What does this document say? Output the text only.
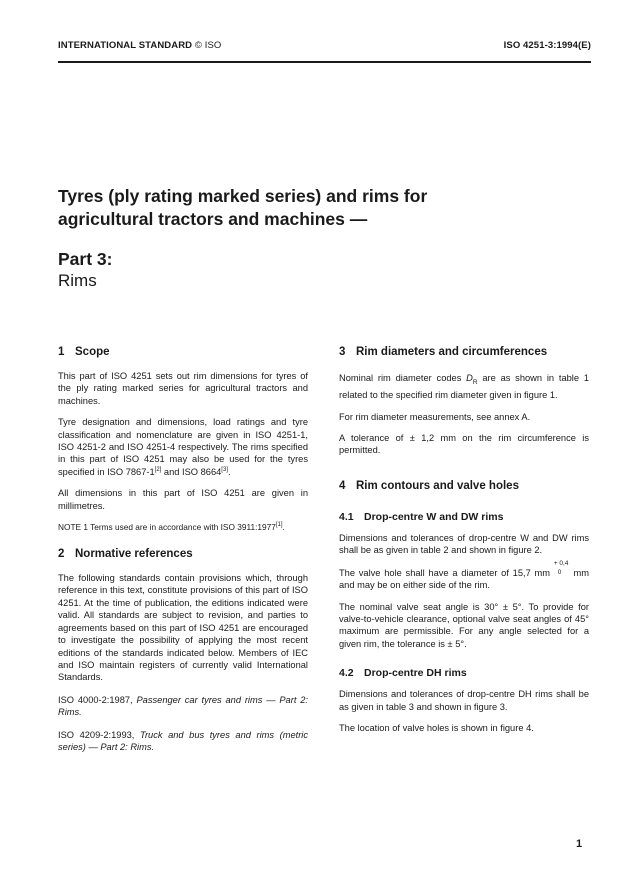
INTERNATIONAL STANDARD © ISO	ISO 4251-3:1994(E)
Tyres (ply rating marked series) and rims for
agricultural tractors and machines —
Part 3:
Rims
1 Scope

This part of ISO 4251 sets out rim dimensions for tyres of the ply rating marked series for agricultural tractors and machines.

Tyre designation and dimensions, load ratings and tyre classification and nomenclature are given in ISO 4251-1, ISO 4251-2 and ISO 4251-4 respectively. The rims specified in this part of ISO 4251 may also be used for the tyres specified in ISO 7867-1[2] and ISO 8664[3].

All dimensions in this part of ISO 4251 are given in millimetres.

NOTE 1 Terms used are in accordance with ISO 3911:1977[1].

2 Normative references

The following standards contain provisions which, through reference in this text, constitute provisions of this part of ISO 4251. At the time of publication, the editions indicated were valid. All standards are subject to revision, and parties to agreements based on this part of ISO 4251 are encouraged to investigate the possibility of applying the most recent editions of the standards indicated below. Members of IEC and ISO maintain registers of currently valid International Standards.

ISO 4000-2:1987, Passenger car tyres and rims — Part 2: Rims.

ISO 4209-2:1993, Truck and bus tyres and rims (metric series) — Part 2: Rims.

3 Rim diameters and circumferences

Nominal rim diameter codes $D_R$ are as shown in table 1 related to the specified rim diameter given in figure 1.

For rim diameter measurements, see annex A.

A tolerance of ± 1,2 mm on the rim circumference is permitted.

4 Rim contours and valve holes
4.1 Drop-centre W and DW rims

Dimensions and tolerances of drop-centre W and DW rims shall be as given in table 2 and shown in figure 2.

The valve hole shall have a diameter of 15,7 mm
+ 0,4
0 mm and may be on either side of the rim.

The nominal valve seat angle is 30° ± 5°. To provide for valve-to-vehicle clearance, optional valve seat angles of 45° maximum are permissible. For any angle selected for a given rim, the tolerance is ± 5°.

4.2 Drop-centre DH rims

Dimensions and tolerances of drop-centre DH rims shall be as given in table 3 and shown in figure 3.

The location of valve holes is shown in figure 4.

1
